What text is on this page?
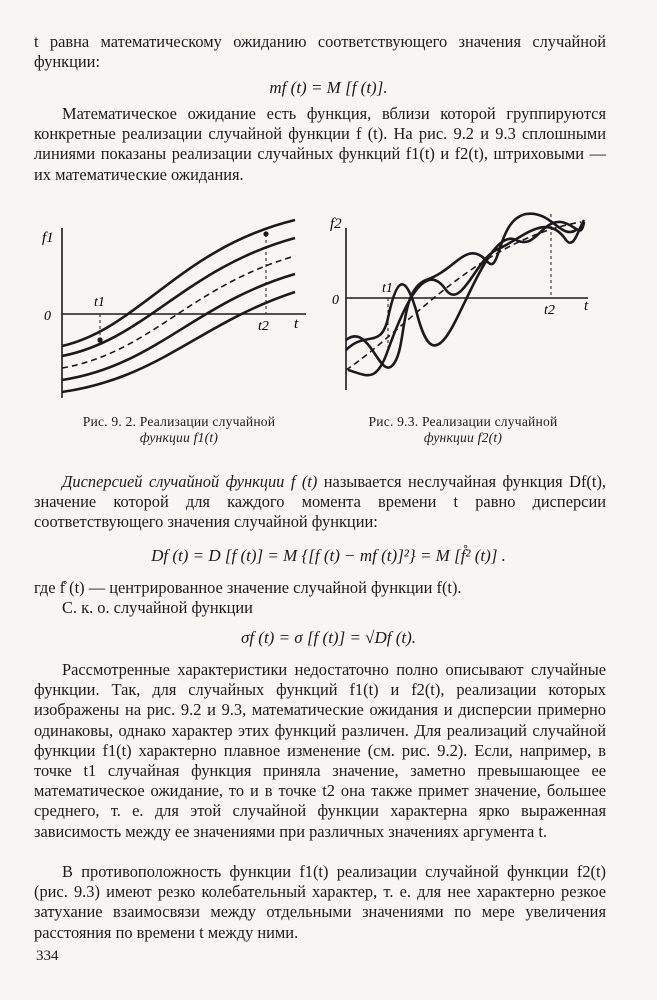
t равна математическому ожиданию соответствующего значения случайной функции:

mf (t) = M [f (t)].

Математическое ожидание есть функция, вблизи которой группируются конкретные реализации случайной функции f (t). На рис. 9.2 и 9.3 сплошными линиями показаны реализации случайных функций f1(t) и f2(t), штриховыми — их математические ожидания.

f1
0
t1
t2 t
f2
0
t1
t2 t

Рис. 9. 2. Реализации случайной
функции f1(t)

Рис. 9.3. Реализации случайной
функции f2(t)

Дисперсией случайной функции f (t) называется неслучайная функция Df(t), значение которой для каждого момента времени t равно дисперсии соответствующего значения случайной функции:

Df (t) = D [f (t)] = M {[f (t) − mf (t)]²} = M [f̊² (t)] .

где f̊ (t) — центрированное значение случайной функции f(t).

С. к. о. случайной функции

σf (t) = σ [f (t)] = √Df (t).

Рассмотренные характеристики недостаточно полно описывают случайные функции. Так, для случайных функций f1(t) и f2(t), реализации которых изображены на рис. 9.2 и 9.3, математические ожидания и дисперсии примерно одинаковы, однако характер этих функций различен. Для реализаций случайной функции f1(t) характерно плавное изменение (см. рис. 9.2). Если, например, в точке t1 случайная функция приняла значение, заметно превышающее ее математическое ожидание, то и в точке t2 она также примет значение, большее среднего, т. е. для этой случайной функции характерна ярко выраженная зависимость между ее значениями при различных значениях аргумента t.

В противоположность функции f1(t) реализации случайной функции f2(t) (рис. 9.3) имеют резко колебательный характер, т. е. для нее характерно резкое затухание взаимосвязи между отдельными значениями по мере увеличения расстояния по времени t между ними.

334
